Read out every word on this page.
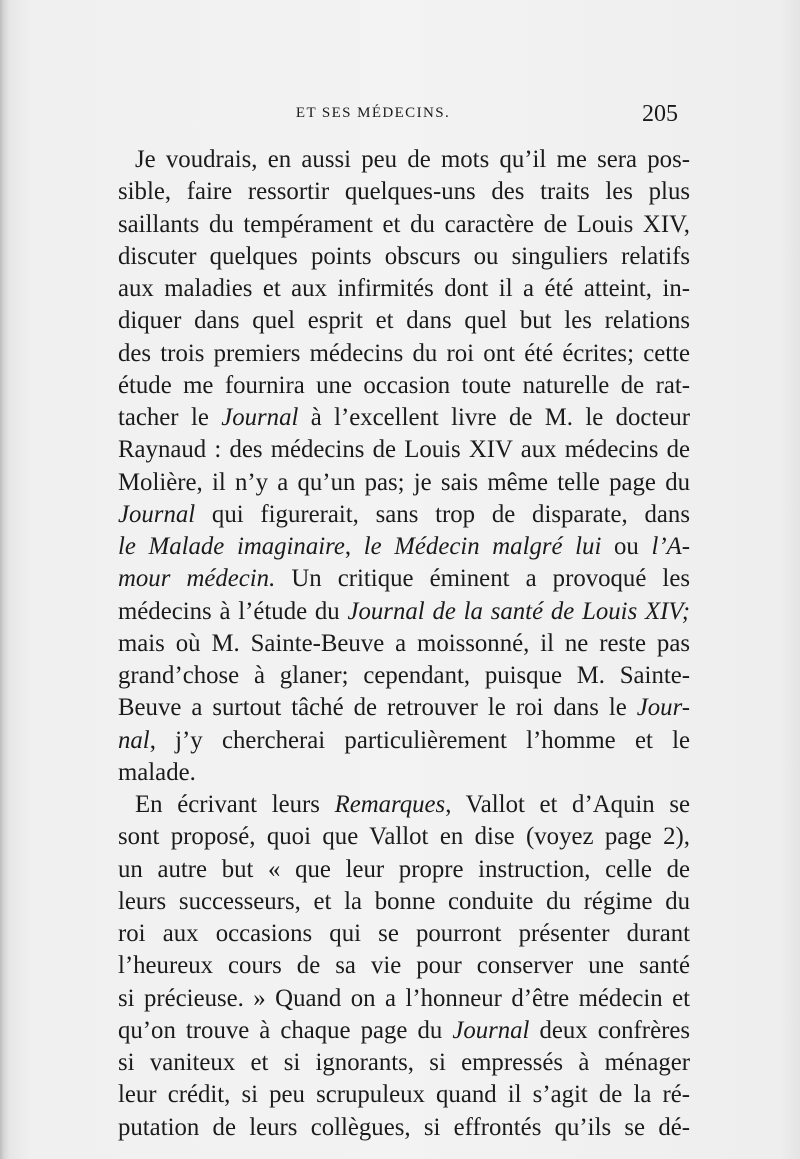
ET SES MÉDECINS.	205
Je voudrais, en aussi peu de mots qu’il me sera pos-
sible, faire ressortir quelques-uns des traits les plus
saillants du tempérament et du caractère de Louis XIV,
discuter quelques points obscurs ou singuliers relatifs
aux maladies et aux infirmités dont il a été atteint, in-
diquer dans quel esprit et dans quel but les relations
des trois premiers médecins du roi ont été écrites; cette
étude me fournira une occasion toute naturelle de rat-
tacher le Journal à l’excellent livre de M. le docteur
Raynaud : des médecins de Louis XIV aux médecins de
Molière, il n’y a qu’un pas; je sais même telle page du
Journal qui figurerait, sans trop de disparate, dans
le Malade imaginaire, le Médecin malgré lui ou l’A-
mour médecin. Un critique éminent a provoqué les
médecins à l’étude du Journal de la santé de Louis XIV;
mais où M. Sainte-Beuve a moissonné, il ne reste pas
grand’chose à glaner; cependant, puisque M. Sainte-
Beuve a surtout tâché de retrouver le roi dans le Jour-
nal, j’y chercherai particulièrement l’homme et le
malade.
En écrivant leurs Remarques, Vallot et d’Aquin se
sont proposé, quoi que Vallot en dise (voyez page 2),
un autre but « que leur propre instruction, celle de
leurs successeurs, et la bonne conduite du régime du
roi aux occasions qui se pourront présenter durant
l’heureux cours de sa vie pour conserver une santé
si précieuse. » Quand on a l’honneur d’être médecin et
qu’on trouve à chaque page du Journal deux confrères
si vaniteux et si ignorants, si empressés à ménager
leur crédit, si peu scrupuleux quand il s’agit de la ré-
putation de leurs collègues, si effrontés qu’ils se dé-
